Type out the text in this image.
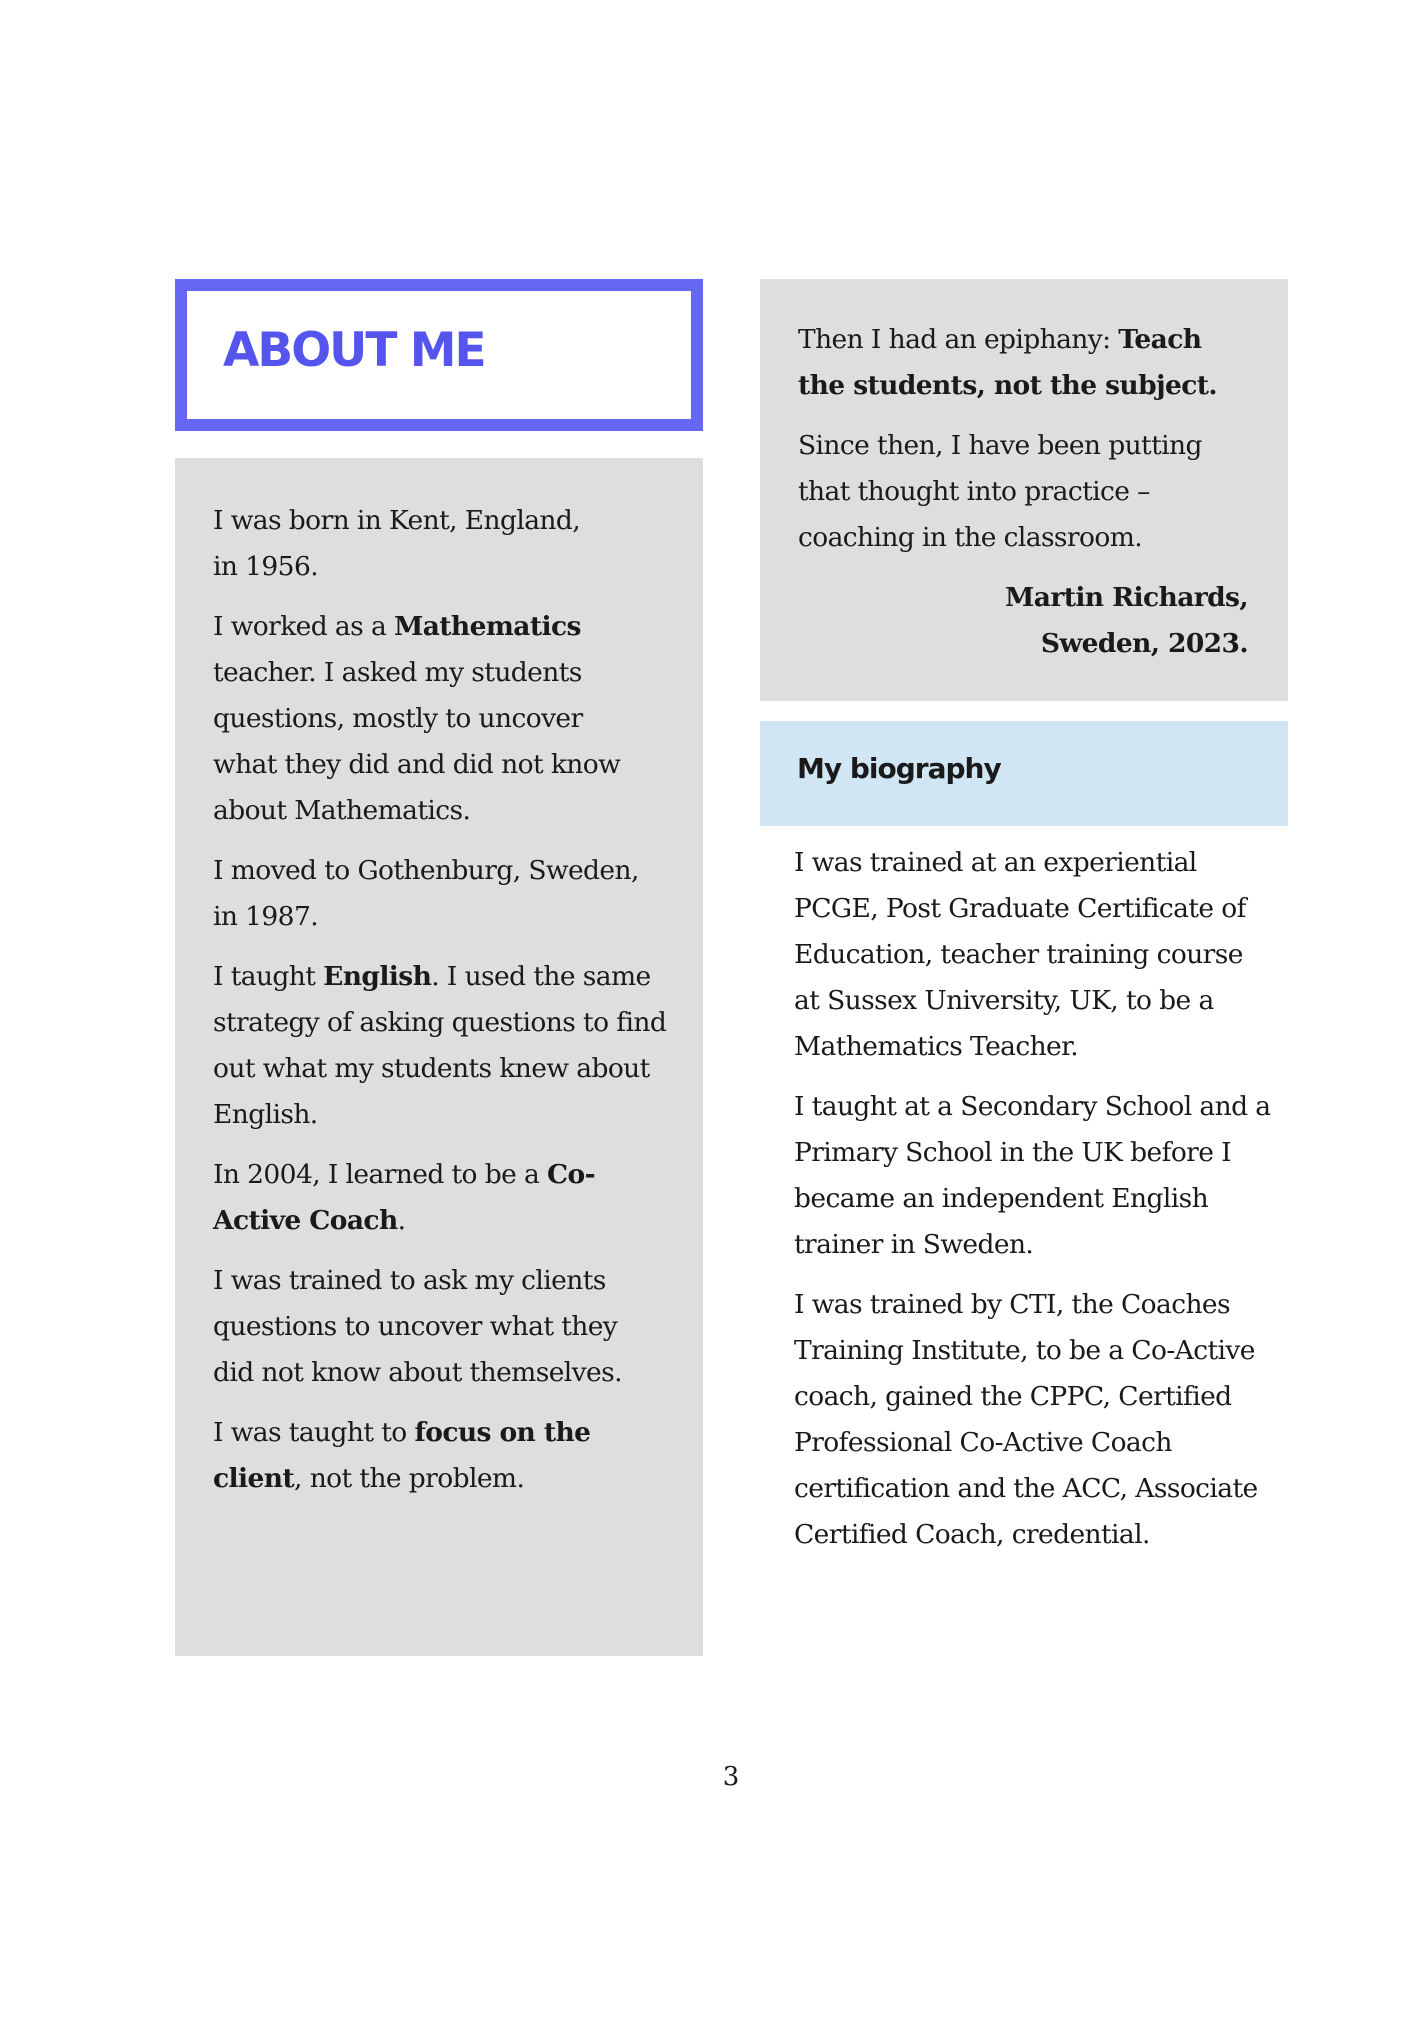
ABOUT ME

I was born in Kent, England,
in 1956.

I worked as a Mathematics teacher. I asked my students questions, mostly to uncover what they did and did not know about Mathematics.

I moved to Gothenburg, Sweden,
in 1987.

I taught English. I used the same strategy of asking questions to find out what my students knew about English.

In 2004, I learned to be a Co-Active Coach.

I was trained to ask my clients questions to uncover what they did not know about themselves.

I was taught to focus on the client, not the problem.

Then I had an epiphany: Teach the students, not the subject.

Since then, I have been putting that thought into practice – coaching in the classroom.

Martin Richards,

Sweden, 2023.

My biography

I was trained at an experiential PCGE, Post Graduate Certificate of Education, teacher training course at Sussex University, UK, to be a Mathematics Teacher.

I taught at a Secondary School and a Primary School in the UK before I became an independent English trainer in Sweden.

I was trained by CTI, the Coaches Training Institute, to be a Co-Active coach, gained the CPPC, Certified Professional Co-Active Coach certification and the ACC, Associate Certified Coach, credential.

3
